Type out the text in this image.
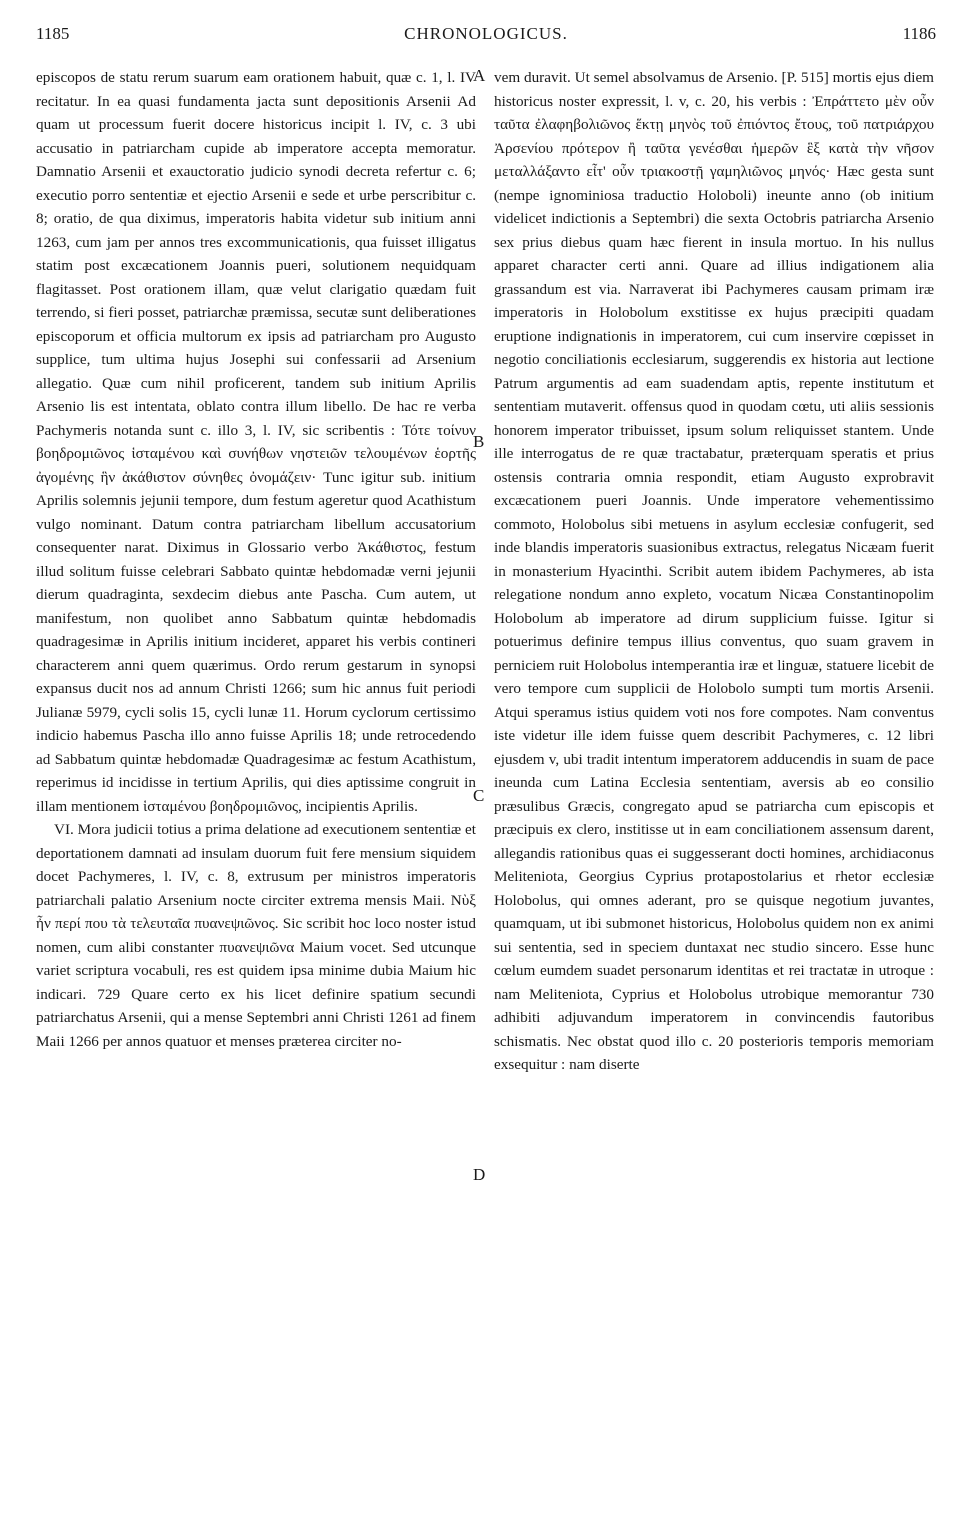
1185	CHRONOLOGICUS.	1186

episcopos de statu rerum suarum eam orationem habuit, quæ c. 1, l. IV recitatur. In ea quasi fundamenta jacta sunt depositionis Arsenii Ad quam ut processum fuerit docere historicus incipit l. IV, c. 3 ubi accusatio in patriarcham cupide ab imperatore accepta memoratur. Damnatio Arsenii et exauctoratio judicio synodi decreta refertur c. 6; executio porro sententiæ et ejectio Arsenii e sede et urbe perscribitur c. 8; oratio, de qua diximus, imperatoris habita videtur sub initium anni 1263, cum jam per annos tres excommunicationis, qua fuisset illigatus statim post excæcationem Joannis pueri, solutionem nequidquam flagitasset. Post orationem illam, quæ velut clarigatio quædam fuit terrendo, si fieri posset, patriarchæ præmissa, secutæ sunt deliberationes episcoporum et officia multorum ex ipsis ad patriarcham pro Augusto supplice, tum ultima hujus Josephi sui confessarii ad Arsenium allegatio. Quæ cum nihil proficerent, tandem sub initium Aprilis Arsenio lis est intentata, oblato contra illum libello. De hac re verba Pachymeris notanda sunt c. illo 3, l. IV, sic scribentis : Τότε τοίνυν βοηδρομιῶνος ἱσταμένου καὶ συνήθων νηστειῶν τελουμένων ἑορτῆς ἀγομένης ἣν ἀκάθιστον σύνηθες ὀνομάζειν· Tunc igitur sub. initium Aprilis solemnis jejunii tempore, dum festum ageretur quod Acathistum vulgo nominant. Datum contra patriarcham libellum accusatorium consequenter narat. Diximus in Glossario verbo Ἀκάθιστος, festum illud solitum fuisse celebrari Sabbato quintæ hebdomadæ verni jejunii dierum quadraginta, sexdecim diebus ante Pascha. Cum autem, ut manifestum, non quolibet anno Sabbatum quintæ hebdomadis quadragesimæ in Aprilis initium incideret, apparet his verbis contineri characterem anni quem quærimus. Ordo rerum gestarum in synopsi expansus ducit nos ad annum Christi 1266; sum hic annus fuit periodi Julianæ 5979, cycli solis 15, cycli lunæ 11. Horum cyclorum certissimo indicio habemus Pascha illo anno fuisse Aprilis 18; unde retrocedendo ad Sabbatum quintæ hebdomadæ Quadragesimæ ac festum Acathistum, reperimus id incidisse in tertium Aprilis, qui dies aptissime congruit in illam mentionem ἱσταμένου βοηδρομιῶνος, incipientis Aprilis.

VI. Mora judicii totius a prima delatione ad executionem sententiæ et deportationem damnati ad insulam duorum fuit fere mensium siquidem docet Pachymeres, l. IV, c. 8, extrusum per ministros imperatoris patriarchali palatio Arsenium nocte circiter extrema mensis Maii. Νὺξ ἦν περί που τὰ τελευταῖα πυανεψιῶνος. Sic scribit hoc loco noster istud nomen, cum alibi constanter πυανεψιῶνα Maium vocet. Sed utcunque variet scriptura vocabuli, res est quidem ipsa minime dubia Maium hic indicari. 729 Quare certo ex his licet definire spatium secundi patriarchatus Arsenii, qui a mense Septembri anni Christi 1261 ad finem Maii 1266 per annos quatuor et menses præterea circiter no-

A
B
C
D

vem duravit. Ut semel absolvamus de Arsenio. [P. 515] mortis ejus diem historicus noster expressit, l. v, c. 20, his verbis : Ἐπράττετο μὲν οὖν ταῦτα ἐλαφηβολιῶνος ἕκτῃ μηνὸς τοῦ ἐπιόντος ἔτους, τοῦ πατριάρχου Ἀρσενίου πρότερον ἢ ταῦτα γενέσθαι ἡμερῶν ἓξ κατὰ τὴν νῆσον μεταλλάξαντο εἶτ' οὖν τριακοστῇ γαμηλιῶνος μηνός· Hæc gesta sunt (nempe ignominiosa traductio Holoboli) ineunte anno (ob initium videlicet indictionis a Septembri) die sexta Octobris patriarcha Arsenio sex prius diebus quam hæc fierent in insula mortuo. In his nullus apparet character certi anni. Quare ad illius indigationem alia grassandum est via. Narraverat ibi Pachymeres causam primam iræ imperatoris in Holobolum exstitisse ex hujus præcipiti quadam eruptione indignationis in imperatorem, cui cum inservire cœpisset in negotio conciliationis ecclesiarum, suggerendis ex historia aut lectione Patrum argumentis ad eam suadendam aptis, repente institutum et sententiam mutaverit. offensus quod in quodam cœtu, uti aliis sessionis honorem imperator tribuisset, ipsum solum reliquisset stantem. Unde ille interrogatus de re quæ tractabatur, præterquam speratis et prius ostensis contraria omnia respondit, etiam Augusto exprobravit excæcationem pueri Joannis. Unde imperatore vehementissimo commoto, Holobolus sibi metuens in asylum ecclesiæ confugerit, sed inde blandis imperatoris suasionibus extractus, relegatus Nicæam fuerit in monasterium Hyacinthi. Scribit autem ibidem Pachymeres, ab ista relegatione nondum anno expleto, vocatum Nicæa Constantinopolim Holobolum ab imperatore ad dirum supplicium fuisse. Igitur si potuerimus definire tempus illius conventus, quo suam gravem in perniciem ruit Holobolus intemperantia iræ et linguæ, statuere licebit de vero tempore cum supplicii de Holobolo sumpti tum mortis Arsenii. Atqui speramus istius quidem voti nos fore compotes. Nam conventus iste videtur ille idem fuisse quem describit Pachymeres, c. 12 libri ejusdem v, ubi tradit intentum imperatorem adducendis in suam de pace ineunda cum Latina Ecclesia sententiam, aversis ab eo consilio præsulibus Græcis, congregato apud se patriarcha cum episcopis et præcipuis ex clero, institisse ut in eam conciliationem assensum darent, allegandis rationibus quas ei suggesserant docti homines, archidiaconus Meliteniota, Georgius Cyprius protapostolarius et rhetor ecclesiæ Holobolus, qui omnes aderant, pro se quisque negotium juvantes, quamquam, ut ibi submonet historicus, Holobolus quidem non ex animi sui sententia, sed in speciem duntaxat nec studio sincero. Esse hunc cœlum eumdem suadet personarum identitas et rei tractatæ in utroque : nam Meliteniota, Cyprius et Holobolus utrobique memorantur 730 adhibiti adjuvandum imperatorem in convincendis fautoribus schismatis. Nec obstat quod illo c. 20 posterioris temporis memoriam exsequitur : nam diserte
